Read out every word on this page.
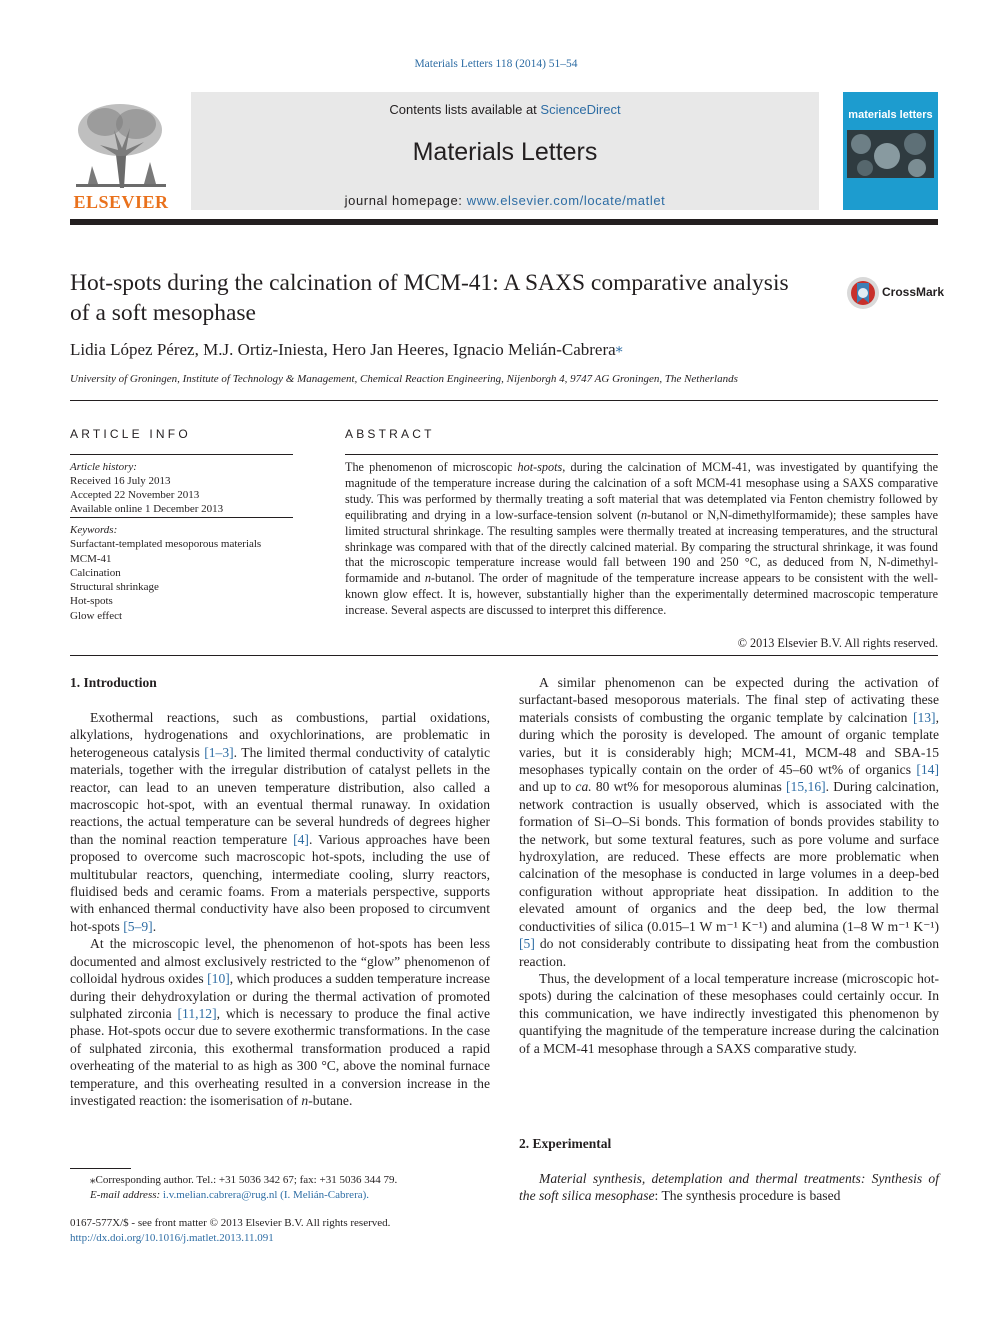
Materials Letters 118 (2014) 51–54
ELSEVIER
Contents lists available at ScienceDirect
Materials Letters
journal homepage: www.elsevier.com/locate/matlet
materials letters
Hot-spots during the calcination of MCM-41: A SAXS comparative analysis of a soft mesophase
CrossMark
Lidia López Pérez, M.J. Ortiz-Iniesta, Hero Jan Heeres, Ignacio Melián-Cabrera⁎
University of Groningen, Institute of Technology & Management, Chemical Reaction Engineering, Nijenborgh 4, 9747 AG Groningen, The Netherlands
ARTICLE INFO	ABSTRACT
Article history:
Received 16 July 2013
Accepted 22 November 2013
Available online 1 December 2013
Keywords:
Surfactant-templated mesoporous materials
MCM-41
Calcination
Structural shrinkage
Hot-spots
Glow effect
The phenomenon of microscopic hot-spots, during the calcination of MCM-41, was investigated by quantifying the magnitude of the temperature increase during the calcination of a soft MCM-41 mesophase using a SAXS comparative study. This was performed by thermally treating a soft material that was detemplated via Fenton chemistry followed by equilibrating and drying in a low-surface-tension solvent (n-butanol or N,N-dimethylformamide); these samples have limited structural shrinkage. The resulting samples were thermally treated at increasing temperatures, and the structural shrinkage was compared with that of the directly calcined material. By comparing the structural shrinkage, it was found that the microscopic temperature increase would fall between 190 and 250 °C, as deduced from N, N-dimethyl-formamide and n-butanol. The order of magnitude of the temperature increase appears to be consistent with the well-known glow effect. It is, however, substantially higher than the experimentally determined macroscopic temperature increase. Several aspects are discussed to interpret this difference.
© 2013 Elsevier B.V. All rights reserved.
1. Introduction

Exothermal reactions, such as combustions, partial oxidations, alkylations, hydrogenations and oxychlorinations, are problematic in heterogeneous catalysis [1–3]. The limited thermal conductivity of catalytic materials, together with the irregular distribution of catalyst pellets in the reactor, can lead to an uneven temperature distribution, also called a macroscopic hot-spot, with an eventual thermal runaway. In oxidation reactions, the actual temperature can be several hundreds of degrees higher than the nominal reaction temperature [4]. Various approaches have been proposed to overcome such macroscopic hot-spots, including the use of multitubular reactors, quenching, intermediate cooling, slurry reactors, fluidised beds and ceramic foams. From a materials perspective, supports with enhanced thermal conductivity have also been proposed to circumvent hot-spots [5–9].

At the microscopic level, the phenomenon of hot-spots has been less documented and almost exclusively restricted to the “glow” phenomenon of colloidal hydrous oxides [10], which produces a sudden temperature increase during their dehydroxylation or during the thermal activation of promoted sulphated zirconia [11,12], which is necessary to produce the final active phase. Hot-spots occur due to severe exothermic transformations. In the case of sulphated zirconia, this exothermal transformation produced a rapid overheating of the material to as high as 300 °C, above the nominal furnace temperature, and this overheating resulted in a conversion increase in the investigated reaction: the isomerisation of n-butane.

A similar phenomenon can be expected during the activation of surfactant-based mesoporous materials. The final step of activating these materials consists of combusting the organic template by calcination [13], during which the porosity is developed. The amount of organic template varies, but it is considerably high; MCM-41, MCM-48 and SBA-15 mesophases typically contain on the order of 45–60 wt% of organics [14] and up to ca. 80 wt% for mesoporous aluminas [15,16]. During calcination, network contraction is usually observed, which is associated with the formation of Si–O–Si bonds. This formation of bonds provides stability to the network, but some textural features, such as pore volume and surface hydroxylation, are reduced. These effects are more problematic when calcination of the mesophase is conducted in large volumes in a deep-bed configuration without appropriate heat dissipation. In addition to the elevated amount of organics and the deep bed, the low thermal conductivities of silica (0.015–1 W m⁻¹ K⁻¹) and alumina (1–8 W m⁻¹ K⁻¹) [5] do not considerably contribute to dissipating heat from the combustion reaction.

Thus, the development of a local temperature increase (microscopic hot-spots) during the calcination of these mesophases could certainly occur. In this communication, we have indirectly investigated this phenomenon by quantifying the magnitude of the temperature increase during the calcination of a MCM-41 mesophase through a SAXS comparative study.

2. Experimental

Material synthesis, detemplation and thermal treatments: Synthesis of the soft silica mesophase: The synthesis procedure is based

⁎Corresponding author. Tel.: +31 5036 342 67; fax: +31 5036 344 79.
E-mail address: i.v.melian.cabrera@rug.nl (I. Melián-Cabrera).
0167-577X/$ - see front matter © 2013 Elsevier B.V. All rights reserved.
http://dx.doi.org/10.1016/j.matlet.2013.11.091
